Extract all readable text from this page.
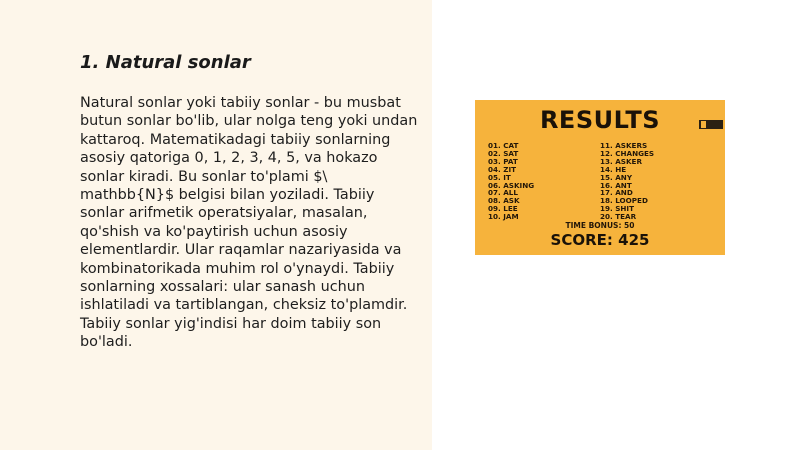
1. Natural sonlar

Natural sonlar yoki tabiiy sonlar - bu musbat butun sonlar bo'lib, ular nolga teng yoki undan kattaroq. Matematikadagi tabiiy sonlarning asosiy qatoriga 0, 1, 2, 3, 4, 5, va hokazo sonlar kiradi. Bu sonlar to'plami $\ mathbb{N}$ belgisi bilan yoziladi. Tabiiy sonlar arifmetik operatsiyalar, masalan, qo'shish va ko'paytirish uchun asosiy elementlardir. Ular raqamlar nazariyasida va kombinatorikada muhim rol o'ynaydi. Tabiiy sonlarning xossalari: ular sanash uchun ishlatiladi va tartiblangan, cheksiz to'plamdir. Tabiiy sonlar yig'indisi har doim tabiiy son bo'ladi.

RESULTS
01. CAT
02. SAT
03. PAT
04. ZIT
05. IT
06. ASKING
07. ALL
08. ASK
09. LEE
10. JAM
11. ASKERS
12. CHANGES
13. ASKER
14. HE
15. ANY
16. ANT
17. AND
18. LOOPED
19. SHIT
20. TEAR
TIME BONUS: 50
SCORE: 425
